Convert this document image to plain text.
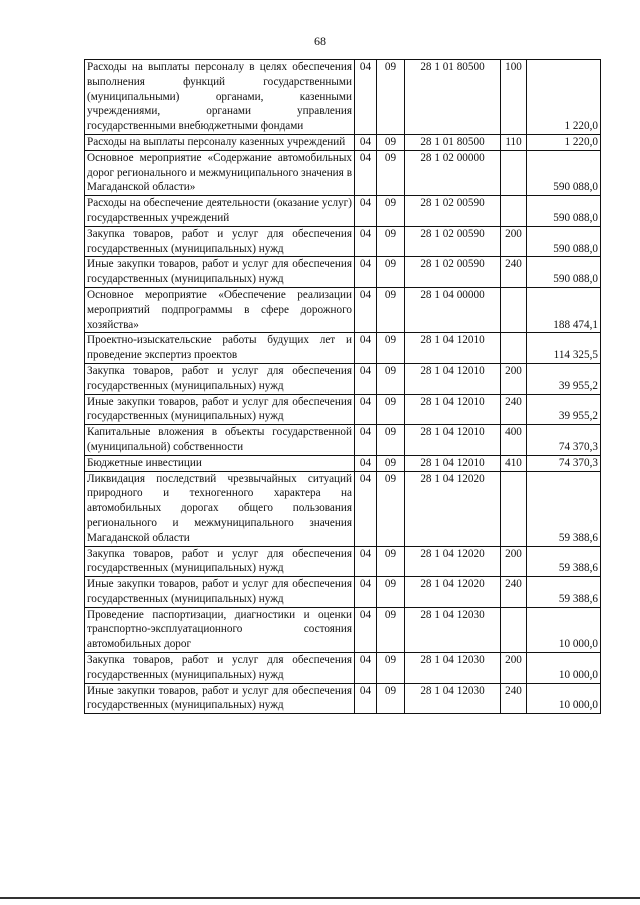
68
Расходы на выплаты персоналу в целях обеспечения выполнения функций государственными (муниципальными) органами, казенными учреждениями, органами управления государственными внебюджетными фондами	04	09	28 1 01 80500	100	1 220,0
Расходы на выплаты персоналу казенных учреждений	04	09	28 1 01 80500	110	1 220,0
Основное мероприятие «Содержание автомобильных дорог регионального и межмуниципального значения в Магаданской области»	04	09	28 1 02 00000		590 088,0
Расходы на обеспечение деятельности (оказание услуг) государственных учреждений	04	09	28 1 02 00590		590 088,0
Закупка товаров, работ и услуг для обеспечения государственных (муниципальных) нужд	04	09	28 1 02 00590	200	590 088,0
Иные закупки товаров, работ и услуг для обеспечения государственных (муниципальных) нужд	04	09	28 1 02 00590	240	590 088,0
Основное мероприятие «Обеспечение реализации мероприятий подпрограммы в сфере дорожного хозяйства»	04	09	28 1 04 00000		188 474,1
Проектно-изыскательские работы будущих лет и проведение экспертиз проектов	04	09	28 1 04 12010		114 325,5
Закупка товаров, работ и услуг для обеспечения государственных (муниципальных) нужд	04	09	28 1 04 12010	200	39 955,2
Иные закупки товаров, работ и услуг для обеспечения государственных (муниципальных) нужд	04	09	28 1 04 12010	240	39 955,2
Капитальные вложения в объекты государственной (муниципальной) собственности	04	09	28 1 04 12010	400	74 370,3
Бюджетные инвестиции	04	09	28 1 04 12010	410	74 370,3
Ликвидация последствий чрезвычайных ситуаций природного и техногенного характера на автомобильных дорогах общего пользования регионального и межмуниципального значения Магаданской области	04	09	28 1 04 12020		59 388,6
Закупка товаров, работ и услуг для обеспечения государственных (муниципальных) нужд	04	09	28 1 04 12020	200	59 388,6
Иные закупки товаров, работ и услуг для обеспечения государственных (муниципальных) нужд	04	09	28 1 04 12020	240	59 388,6
Проведение паспортизации, диагностики и оценки транспортно-эксплуатационного состояния автомобильных дорог	04	09	28 1 04 12030		10 000,0
Закупка товаров, работ и услуг для обеспечения государственных (муниципальных) нужд	04	09	28 1 04 12030	200	10 000,0
Иные закупки товаров, работ и услуг для обеспечения государственных (муниципальных) нужд	04	09	28 1 04 12030	240	10 000,0
